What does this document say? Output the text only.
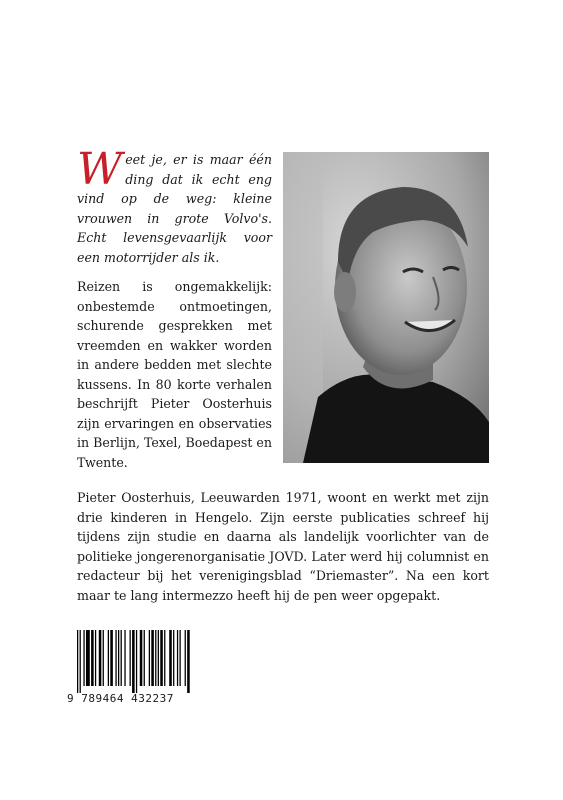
Weet je, er is maar één ding dat ik echt eng vind op de weg: kleine vrouwen in grote Volvo's. Echt levensgevaarlijk voor een motorrijder als ik.

Reizen is ongemakkelijk: onbestemde ontmoetingen, schurende gesprekken met vreemden en wakker worden in andere bedden met slechte kussens. In 80 korte verhalen beschrijft Pieter Oosterhuis zijn ervaringen en observaties in Berlijn, Texel, Boedapest en Twente.

Pieter Oosterhuis, Leeuwarden 1971, woont en werkt met zijn drie kinderen in Hengelo. Zijn eerste publicaties schreef hij tijdens zijn studie en daarna als landelijk voorlichter van de politieke jongerenorganisatie JOVD. Later werd hij columnist en redacteur bij het verenigingsblad “Driemaster”. Na een kort maar te lang intermezzo heeft hij de pen weer opgepakt.

9 789464 432237
